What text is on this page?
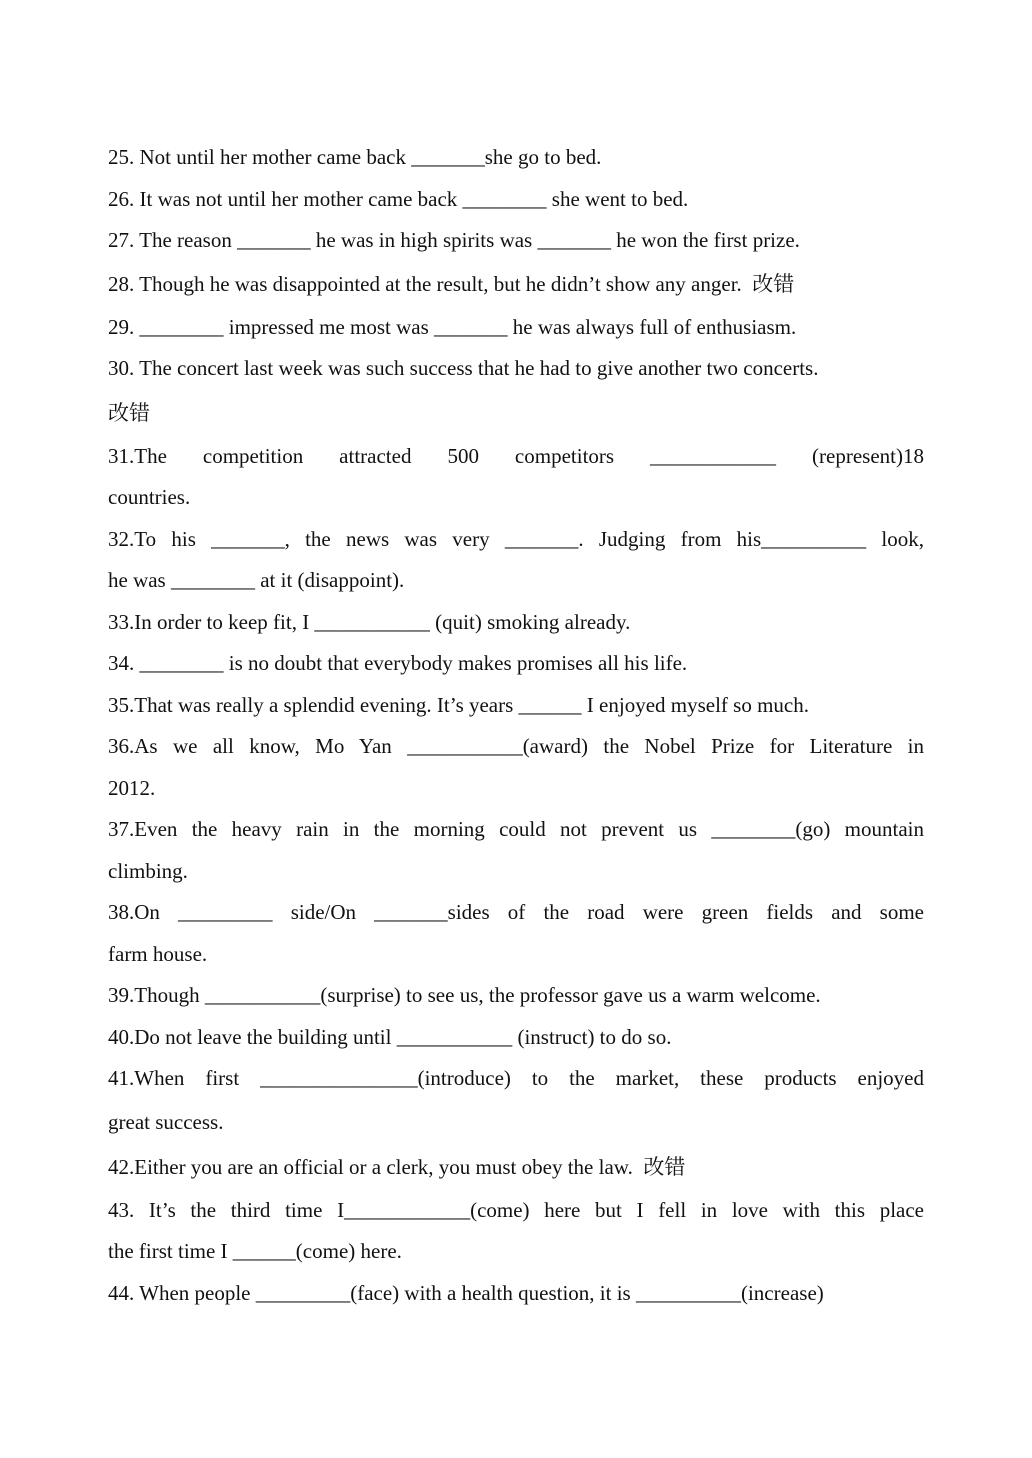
25. Not until her mother came back _______she go to bed.
26. It was not until her mother came back ________ she went to bed.
27. The reason _______ he was in high spirits was _______ he won the first prize.
28. Though he was disappointed at the result, but he didn’t show any anger.  改错
29. ________ impressed me most was _______ he was always full of enthusiasm.
30. The concert last week was such success that he had to give another two concerts.
改错
31.The competition attracted 500 competitors ____________ (represent)18
countries.
32.To his _______, the news was very _______. Judging from his__________ look,
he was ________ at it (disappoint).
33.In order to keep fit, I ___________ (quit) smoking already.
34. ________ is no doubt that everybody makes promises all his life.
35.That was really a splendid evening. It’s years ______ I enjoyed myself so much.
36.As we all know, Mo Yan ___________(award) the Nobel Prize for Literature in
2012.
37.Even the heavy rain in the morning could not prevent us ________(go) mountain
climbing.
38.On _________ side/On _______sides of the road were green fields and some
farm house.
39.Though ___________(surprise) to see us, the professor gave us a warm welcome.
40.Do not leave the building until ___________ (instruct) to do so.
41.When first _______________(introduce) to the market, these products enjoyed
great success.
42.Either you are an official or a clerk, you must obey the law.  改错
43. It’s the third time I____________(come) here but I fell in love with this place
the first time I ______(come) here.
44. When people _________(face) with a health question, it is __________(increase)
